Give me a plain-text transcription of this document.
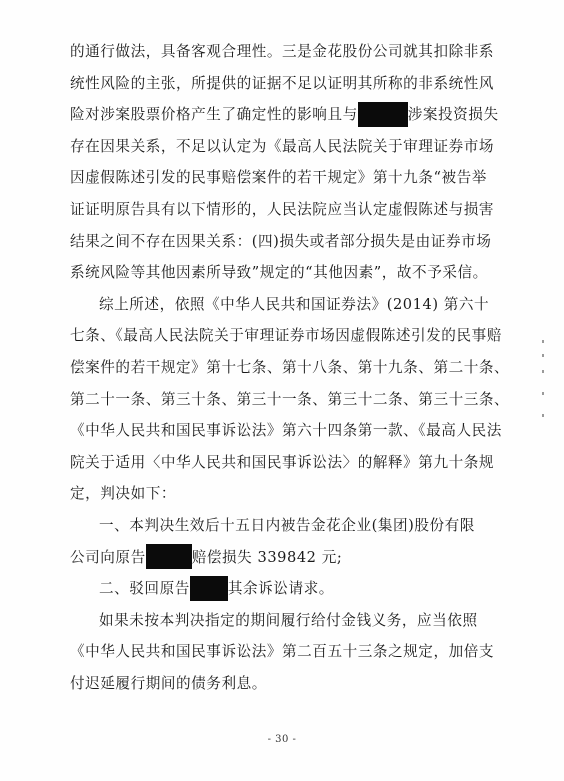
的通行做法，具备客观合理性。三是金花股份公司就其扣除非系
统性风险的主张，所提供的证据不足以证明其所称的非系统性风
险对涉案股票价格产生了确定性的影响且与	涉案投资损失
存在因果关系，不足以认定为《最高人民法院关于审理证券市场
因虚假陈述引发的民事赔偿案件的若干规定》第十九条“被告举
证证明原告具有以下情形的，人民法院应当认定虚假陈述与损害
结果之间不存在因果关系：(四)损失或者部分损失是由证券市场
系统风险等其他因素所导致”规定的“其他因素”，故不予采信。
综上所述，依照《中华人民共和国证券法》(2014) 第六十
七条、《最高人民法院关于审理证券市场因虚假陈述引发的民事赔
偿案件的若干规定》第十七条、第十八条、第十九条、第二十条、
第二十一条、第三十条、第三十一条、第三十二条、第三十三条、
《中华人民共和国民事诉讼法》第六十四条第一款、《最高人民法
院关于适用〈中华人民共和国民事诉讼法〉的解释》第九十条规
定，判决如下：
一、本判决生效后十五日内被告金花企业(集团)股份有限
公司向原告	赔偿损失 339842 元;
二、驳回原告	其余诉讼请求。
如果未按本判决指定的期间履行给付金钱义务，应当依照
《中华人民共和国民事诉讼法》第二百五十三条之规定，加倍支
付迟延履行期间的债务利息。
- 30 -
